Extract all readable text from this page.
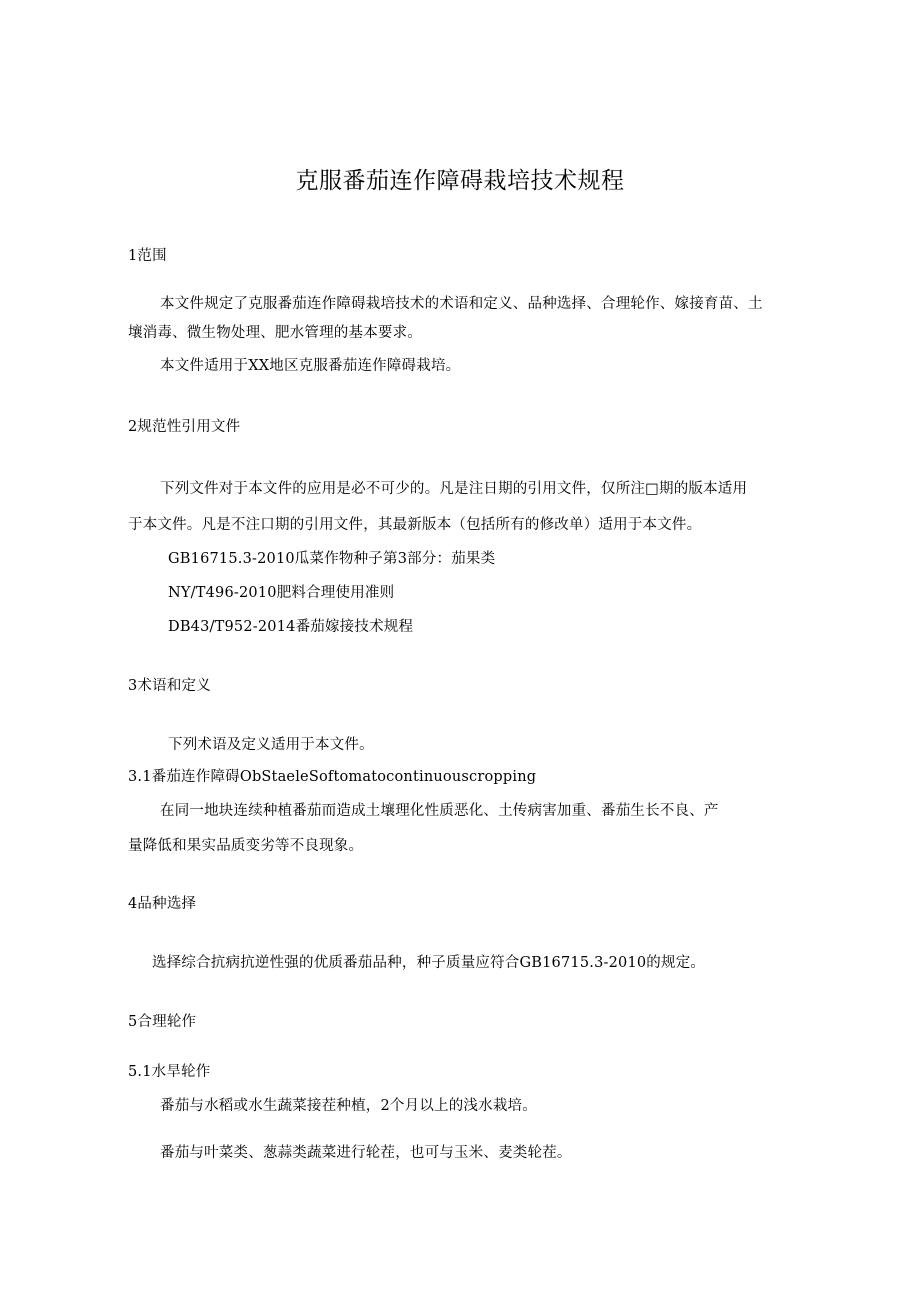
克服番茄连作障碍栽培技术规程
1范围
本文件规定了克服番茄连作障碍栽培技术的术语和定义、品种选择、合理轮作、嫁接育苗、土
壤消毒、微生物处理、肥水管理的基本要求。
本文件适用于XX地区克服番茄连作障碍栽培。
2规范性引用文件
下列文件对于本文件的应用是必不可少的。凡是注日期的引用文件，仅所注□期的版本适用
于本文件。凡是不注口期的引用文件，其最新版本（包括所有的修改单）适用于本文件。
GB16715.3-2010瓜菜作物种子第3部分：茄果类
NY/T496-2010肥料合理使用准则
DB43/T952-2014番茄嫁接技术规程
3术语和定义
下列术语及定义适用于本文件。
3.1番茄连作障碍ObStaeleSoftomatocontinuouscropping
在同一地块连续种植番茄而造成土壤理化性质恶化、土传病害加重、番茄生长不良、产
量降低和果实品质变劣等不良现象。
4品种选择
选择综合抗病抗逆性强的优质番茄品种，种子质量应符合GB16715.3-2010的规定。
5合理轮作
5.1水旱轮作
番茄与水稻或水生蔬菜接茬种植，2个月以上的浅水栽培。
番茄与叶菜类、葱蒜类蔬菜进行轮茬，也可与玉米、麦类轮茬。
